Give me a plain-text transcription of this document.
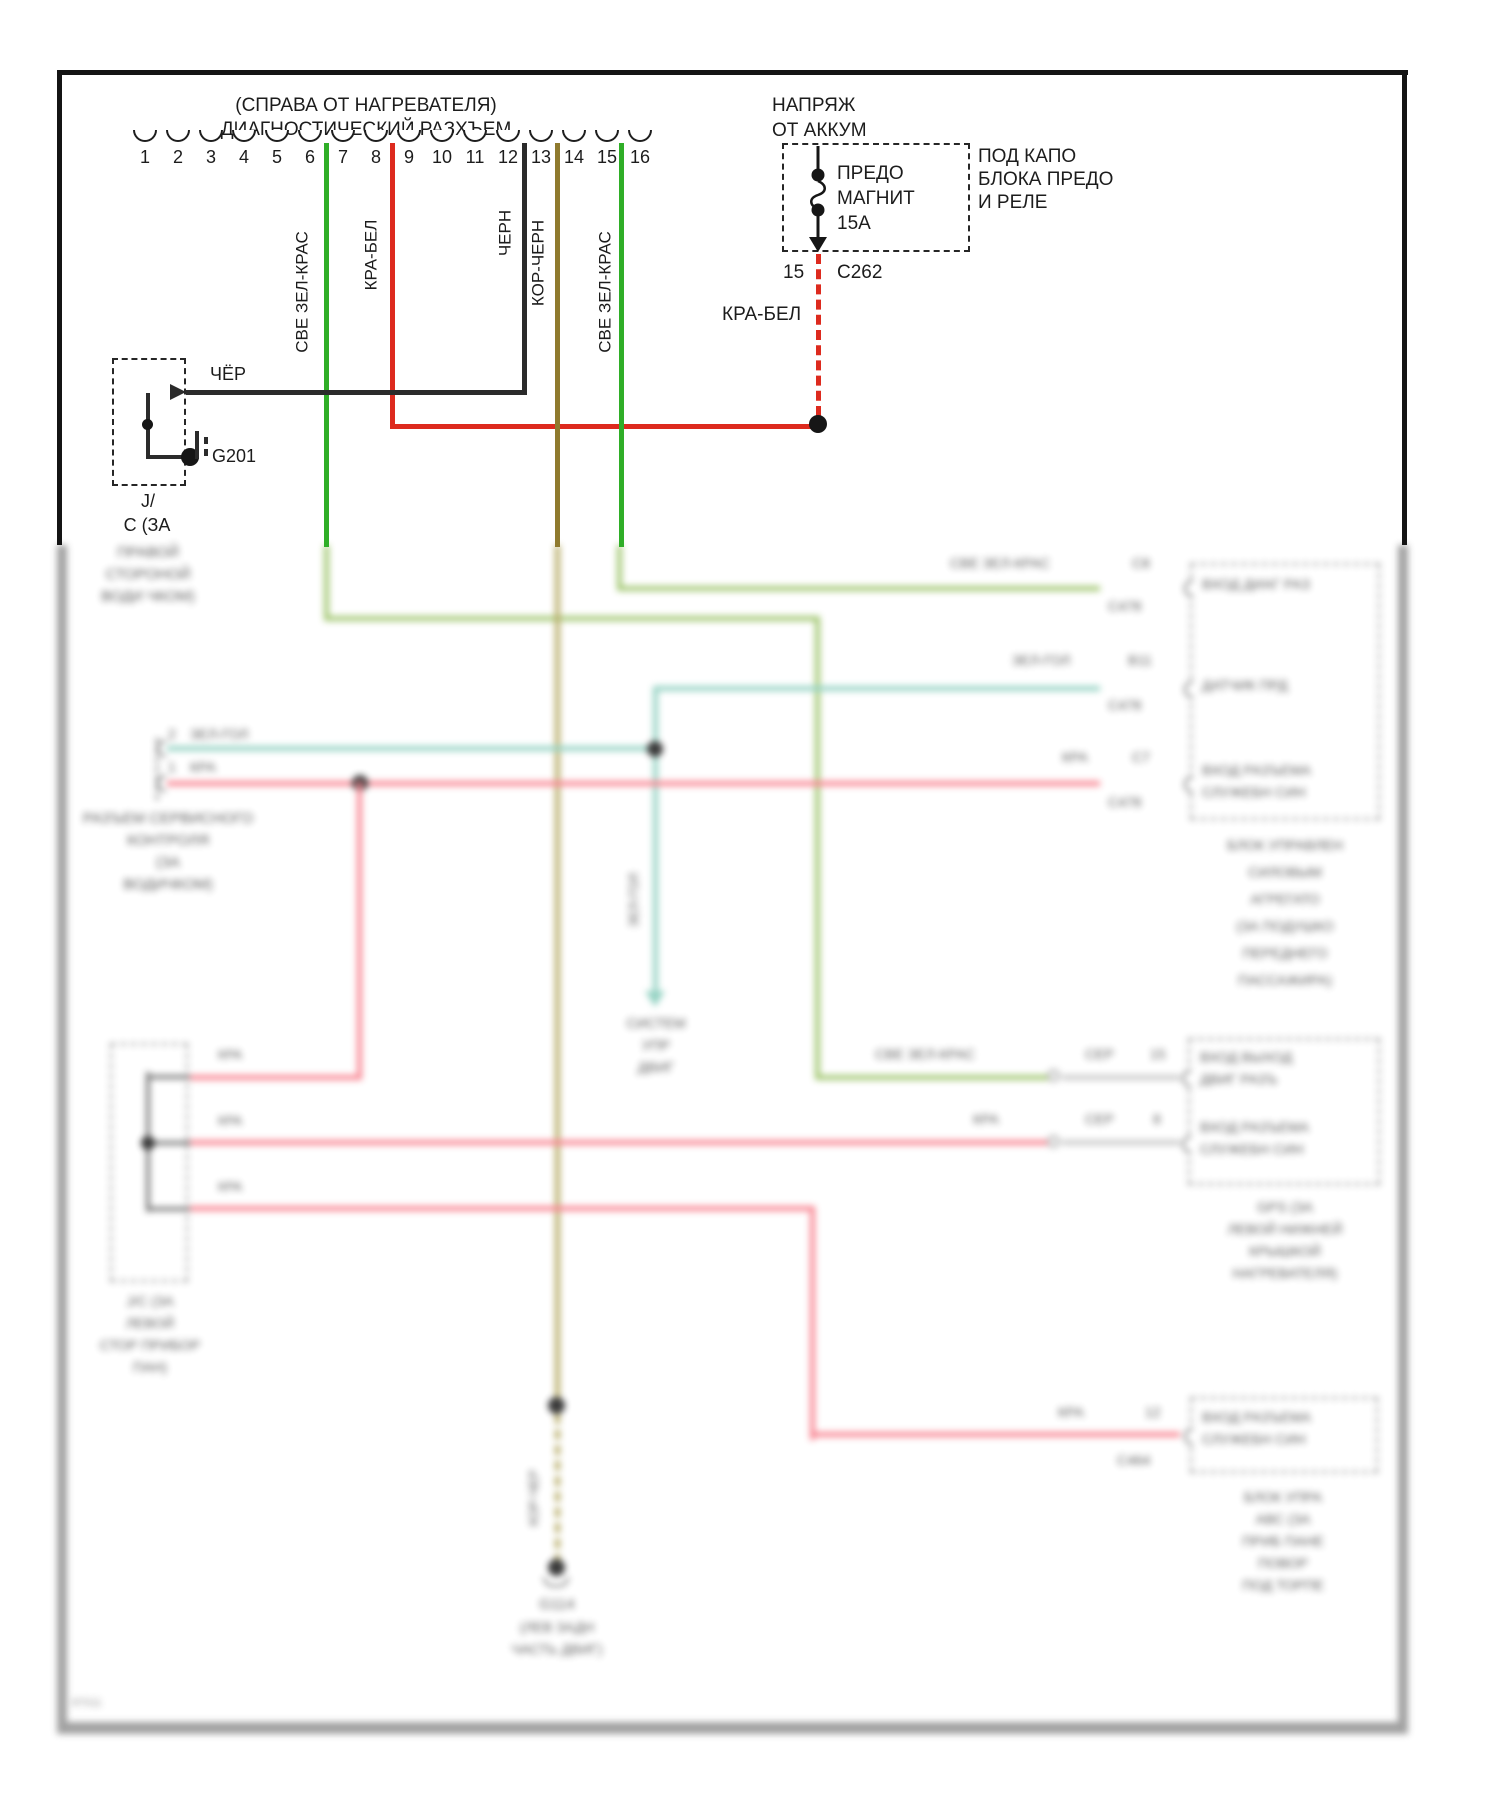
КОР-ЧЕР
G114
(ЛЕВ ЗАДН
ЧАСТЬ ДВИГ)
ЗЕЛ-ГОЛ
СИСТЕМ
УПР
ДВИГ
2 ЗЕЛ-ГОЛ
1 КРА
РАЗЪЕМ СЕРВИСНОГО
КОНТРОЛЯ
(ЗА
ВОДИЧКОМ)
ВХОД ДИАГ РАЗ
ДАТЧИК ПРД
ВХОД РАЗЪЕМА
СЛУЖЕБН СИН
СВЕ ЗЕЛ-КРАС	C8
C478
ЗЕЛ-ГОЛ	B11
C478
КРА	C7
C478
БЛОК УПРАВЛЕН
СИЛОВЫМ
АГРЕГАТО
(ЗА ПОДУШКО
ПЕРЕДНЕГО
ПАССАЖИРА)
ВХОД ВЫХОД
ДВИГ РАЗЪ
ВХОД РАЗЪЕМА
СЛУЖЕБН СИН
СВЕ ЗЕЛ-КРАС	СЕР	15
КРА	СЕР	8
GPS (ЗА
ЛЕВОЙ НИЖНЕЙ
КРЫШКОЙ
НАГРЕВАТЕЛЯ)
КРА
КРА
КРА
J/C (ЗА
ЛЕВОЙ
СТОР ПРИБОР
ПАН)
ВХОД РАЗЪЕМА
СЛУЖЕБН СИН
КРА	12
C464
БЛОК УПРА
АВС (ЗА
ПРИБ ПАНЕ
ПОВОР
ПОД ТОРПЕ
ПРАВОЙ
СТОРОНОЙ
ВОДИ ЧКОМ)
87011
(СПРАВА ОТ НАГРЕВАТЕЛЯ)
1	2	3	4	5	6	7	8	9 10 11 12 13 14 15 16
СВЕ ЗЕЛ-КРАС	КРА-БЕЛ	ЧЕРН КОР-ЧЕРН	СВЕ ЗЕЛ-КРАС
ЧЁР
G201
J/
C (ЗА
НАПРЯЖ
ОТ АККУМ
ПРЕДО
МАГНИТ
15А
ПОД КАПО
БЛОКА ПРЕДО
И РЕЛЕ
15 C262
КРА-БЕЛ
